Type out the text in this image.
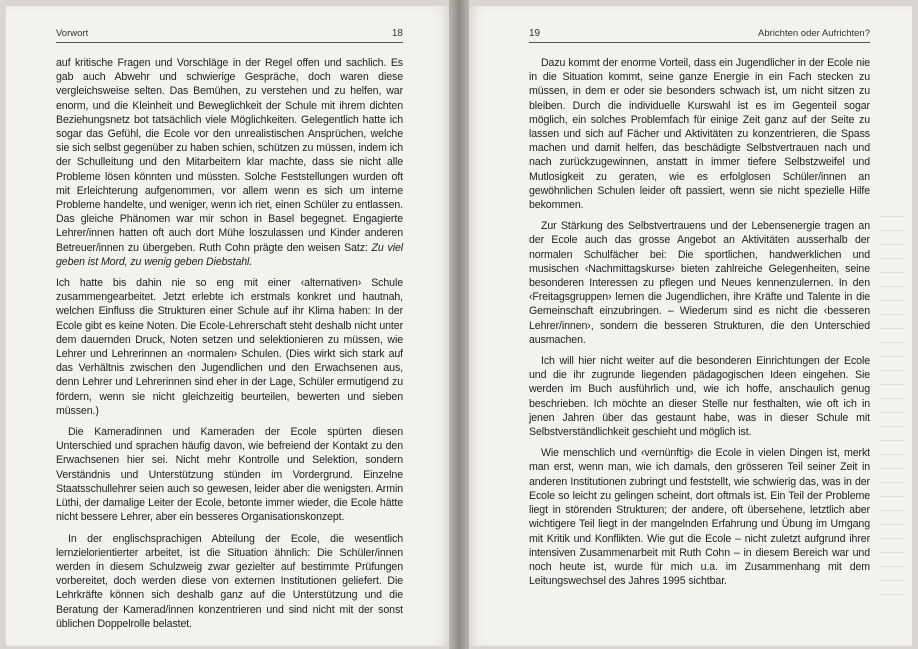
Vorwort	18

auf kritische Fragen und Vorschläge in der Regel offen und sachlich. Es gab auch Abwehr und schwierige Gespräche, doch waren diese vergleichsweise selten. Das Bemühen, zu verstehen und zu helfen, war enorm, und die Kleinheit und Beweglichkeit der Schule mit ihrem dichten Beziehungsnetz bot tatsächlich viele Möglichkeiten. Gelegentlich hatte ich sogar das Gefühl, die Ecole vor den unrealistischen Ansprüchen, welche sie sich selbst gegenüber zu haben schien, schützen zu müssen, indem ich der Schulleitung und den Mitarbeitern klar machte, dass sie nicht alle Probleme lösen könnten und müssten. Solche Feststellungen wurden oft mit Erleichterung aufgenommen, vor allem wenn es sich um interne Probleme handelte, und weniger, wenn ich riet, einen Schüler zu entlassen. Das gleiche Phänomen war mir schon in Basel begegnet. Engagierte Lehrer/innen hatten oft auch dort Mühe loszulassen und Kinder anderen Betreuer/innen zu übergeben. Ruth Cohn prägte den weisen Satz: Zu viel geben ist Mord, zu wenig geben Diebstahl.

Ich hatte bis dahin nie so eng mit einer ‹alternativen› Schule zusammengearbeitet. Jetzt erlebte ich erstmals konkret und hautnah, welchen Einfluss die Strukturen einer Schule auf ihr Klima haben: In der Ecole gibt es keine Noten. Die Ecole-Lehrerschaft steht deshalb nicht unter dem dauernden Druck, Noten setzen und selektionieren zu müssen, wie Lehrer und Lehrerinnen an ‹normalen› Schulen. (Dies wirkt sich stark auf das Verhältnis zwischen den Jugendlichen und den Erwachsenen aus, denn Lehrer und Lehrerinnen sind eher in der Lage, Schüler ermutigend zu fördern, wenn sie nicht gleichzeitig beurteilen, bewerten und sieben müssen.)

Die Kameradinnen und Kameraden der Ecole spürten diesen Unterschied und sprachen häufig davon, wie befreiend der Kontakt zu den Erwachsenen hier sei. Nicht mehr Kontrolle und Selektion, sondern Verständnis und Unterstützung stünden im Vordergrund. Einzelne Staatsschullehrer seien auch so gewesen, leider aber die wenigsten. Armin Lüthi, der damalige Leiter der Ecole, betonte immer wieder, die Ecole hätte nicht bessere Lehrer, aber ein besseres Organisationskonzept.

In der englischsprachigen Abteilung der Ecole, die wesentlich lernzielorientierter arbeitet, ist die Situation ähnlich: Die Schüler/innen werden in diesem Schulzweig zwar gezielter auf bestimmte Prüfungen vorbereitet, doch werden diese von externen Institutionen geliefert. Die Lehrkräfte können sich deshalb ganz auf die Unterstützung und die Beratung der Kamerad/innen konzentrieren und sind nicht mit der sonst üblichen Doppelrolle belastet.

19	Abrichten oder Aufrichten?

Dazu kommt der enorme Vorteil, dass ein Jugendlicher in der Ecole nie in die Situation kommt, seine ganze Energie in ein Fach stecken zu müssen, in dem er oder sie besonders schwach ist, um nicht sitzen zu bleiben. Durch die individuelle Kurswahl ist es im Gegenteil sogar möglich, ein solches Problemfach für einige Zeit ganz auf der Seite zu lassen und sich auf Fächer und Aktivitäten zu konzentrieren, die Spass machen und damit helfen, das beschädigte Selbstvertrauen nach und nach zurückzugewinnen, anstatt in immer tiefere Selbstzweifel und Mutlosigkeit zu geraten, wie es erfolglosen Schüler/innen an gewöhnlichen Schulen leider oft passiert, wenn sie nicht spezielle Hilfe bekommen.

Zur Stärkung des Selbstvertrauens und der Lebensenergie tragen an der Ecole auch das grosse Angebot an Aktivitäten ausserhalb der normalen Schulfächer bei: Die sportlichen, handwerklichen und musischen ‹Nachmittagskurse› bieten zahlreiche Gelegenheiten, seine besonderen Interessen zu pflegen und Neues kennenzulernen. In den ‹Freitagsgruppen› lernen die Jugendlichen, ihre Kräfte und Talente in die Gemeinschaft einzubringen. – Wiederum sind es nicht die ‹besseren Lehrer/innen›, sondern die besseren Strukturen, die den Unterschied ausmachen.

Ich will hier nicht weiter auf die besonderen Einrichtungen der Ecole und die ihr zugrunde liegenden pädagogischen Ideen eingehen. Sie werden im Buch ausführlich und, wie ich hoffe, anschaulich genug beschrieben. Ich möchte an dieser Stelle nur festhalten, wie oft ich in jenen Jahren über das gestaunt habe, was in dieser Schule mit Selbstverständlichkeit geschieht und möglich ist.

Wie menschlich und ‹vernünftig› die Ecole in vielen Dingen ist, merkt man erst, wenn man, wie ich damals, den grösseren Teil seiner Zeit in anderen Institutionen zubringt und feststellt, wie schwierig das, was in der Ecole so leicht zu gelingen scheint, dort oftmals ist. Ein Teil der Probleme liegt in störenden Strukturen; der andere, oft übersehene, letztlich aber wichtigere Teil liegt in der mangelnden Erfahrung und Übung im Umgang mit Kritik und Konflikten. Wie gut die Ecole – nicht zuletzt aufgrund ihrer intensiven Zusammenarbeit mit Ruth Cohn – in diesem Bereich war und noch heute ist, wurde für mich u.a. im Zusammenhang mit dem Leitungswechsel des Jahres 1995 sichtbar.
